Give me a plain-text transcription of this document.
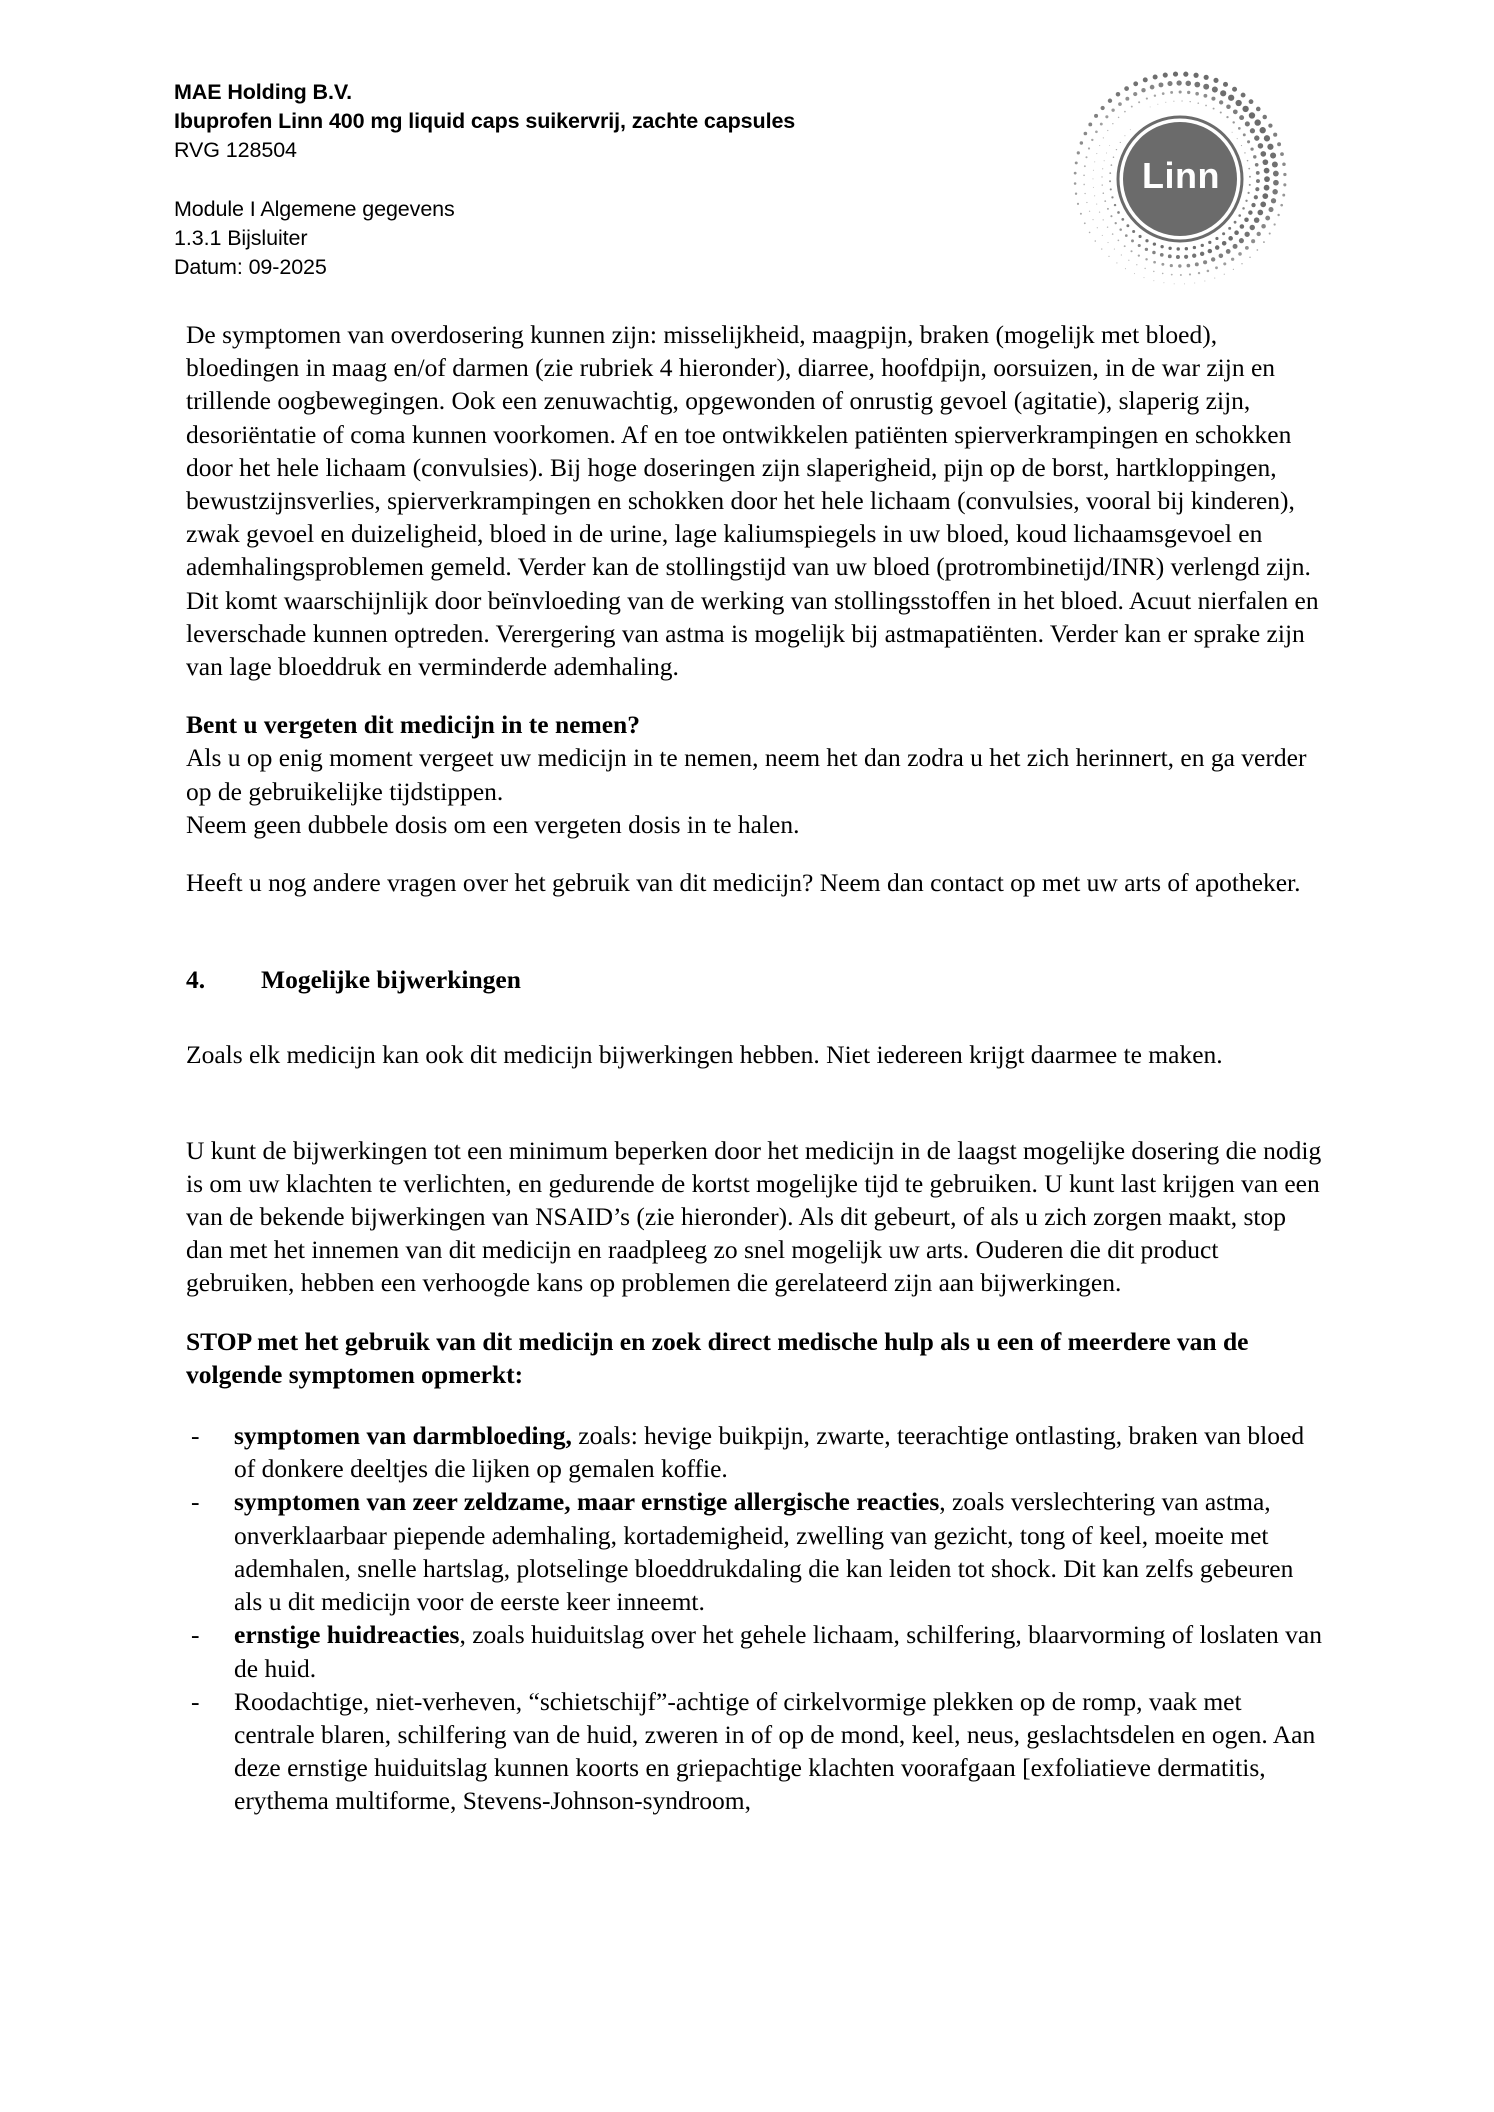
MAE Holding B.V.
Ibuprofen Linn 400 mg liquid caps suikervrij, zachte capsules
RVG 128504
Module I Algemene gegevens
1.3.1 Bijsluiter
Datum: 09-2025
Linn

De symptomen van overdosering kunnen zijn: misselijkheid, maagpijn, braken (mogelijk met bloed), bloedingen in maag en/of darmen (zie rubriek 4 hieronder), diarree, hoofdpijn, oorsuizen, in de war zijn en trillende oogbewegingen. Ook een zenuwachtig, opgewonden of onrustig gevoel (agitatie), slaperig zijn, desoriëntatie of coma kunnen voorkomen. Af en toe ontwikkelen patiënten spierverkrampingen en schokken door het hele lichaam (convulsies). Bij hoge doseringen zijn slaperigheid, pijn op de borst, hartkloppingen, bewustzijnsverlies, spierverkrampingen en schokken door het hele lichaam (convulsies, vooral bij kinderen), zwak gevoel en duizeligheid, bloed in de urine, lage kaliumspiegels in uw bloed, koud lichaamsgevoel en ademhalingsproblemen gemeld. Verder kan de stollingstijd van uw bloed (protrombinetijd/INR) verlengd zijn. Dit komt waarschijnlijk door beïnvloeding van de werking van stollingsstoffen in het bloed. Acuut nierfalen en leverschade kunnen optreden. Verergering van astma is mogelijk bij astmapatiënten. Verder kan er sprake zijn van lage bloeddruk en verminderde ademhaling.

Bent u vergeten dit medicijn in te nemen?

Als u op enig moment vergeet uw medicijn in te nemen, neem het dan zodra u het zich herinnert, en ga verder op de gebruikelijke tijdstippen.

Neem geen dubbele dosis om een vergeten dosis in te halen.

Heeft u nog andere vragen over het gebruik van dit medicijn? Neem dan contact op met uw arts of apotheker.

4.	Mogelijke bijwerkingen

Zoals elk medicijn kan ook dit medicijn bijwerkingen hebben. Niet iedereen krijgt daarmee te maken.

U kunt de bijwerkingen tot een minimum beperken door het medicijn in de laagst mogelijke dosering die nodig is om uw klachten te verlichten, en gedurende de kortst mogelijke tijd te gebruiken. U kunt last krijgen van een van de bekende bijwerkingen van NSAID’s (zie hieronder). Als dit gebeurt, of als u zich zorgen maakt, stop dan met het innemen van dit medicijn en raadpleeg zo snel mogelijk uw arts. Ouderen die dit product gebruiken, hebben een verhoogde kans op problemen die gerelateerd zijn aan bijwerkingen.

STOP met het gebruik van dit medicijn en zoek direct medische hulp als u een of meerdere van de volgende symptomen opmerkt:
- symptomen van darmbloeding, zoals: hevige buikpijn, zwarte, teerachtige ontlasting, braken van bloed of donkere deeltjes die lijken op gemalen koffie.
- symptomen van zeer zeldzame, maar ernstige allergische reacties, zoals verslechtering van astma, onverklaarbaar piepende ademhaling, kortademigheid, zwelling van gezicht, tong of keel, moeite met ademhalen, snelle hartslag, plotselinge bloeddrukdaling die kan leiden tot shock. Dit kan zelfs gebeuren als u dit medicijn voor de eerste keer inneemt.
- ernstige huidreacties, zoals huiduitslag over het gehele lichaam, schilfering, blaarvorming of loslaten van de huid.
- Roodachtige, niet-verheven, “schietschijf”-achtige of cirkelvormige plekken op de romp, vaak met centrale blaren, schilfering van de huid, zweren in of op de mond, keel, neus, geslachtsdelen en ogen. Aan deze ernstige huiduitslag kunnen koorts en griepachtige klachten voorafgaan [exfoliatieve dermatitis, erythema multiforme, Stevens-Johnson-syndroom,
